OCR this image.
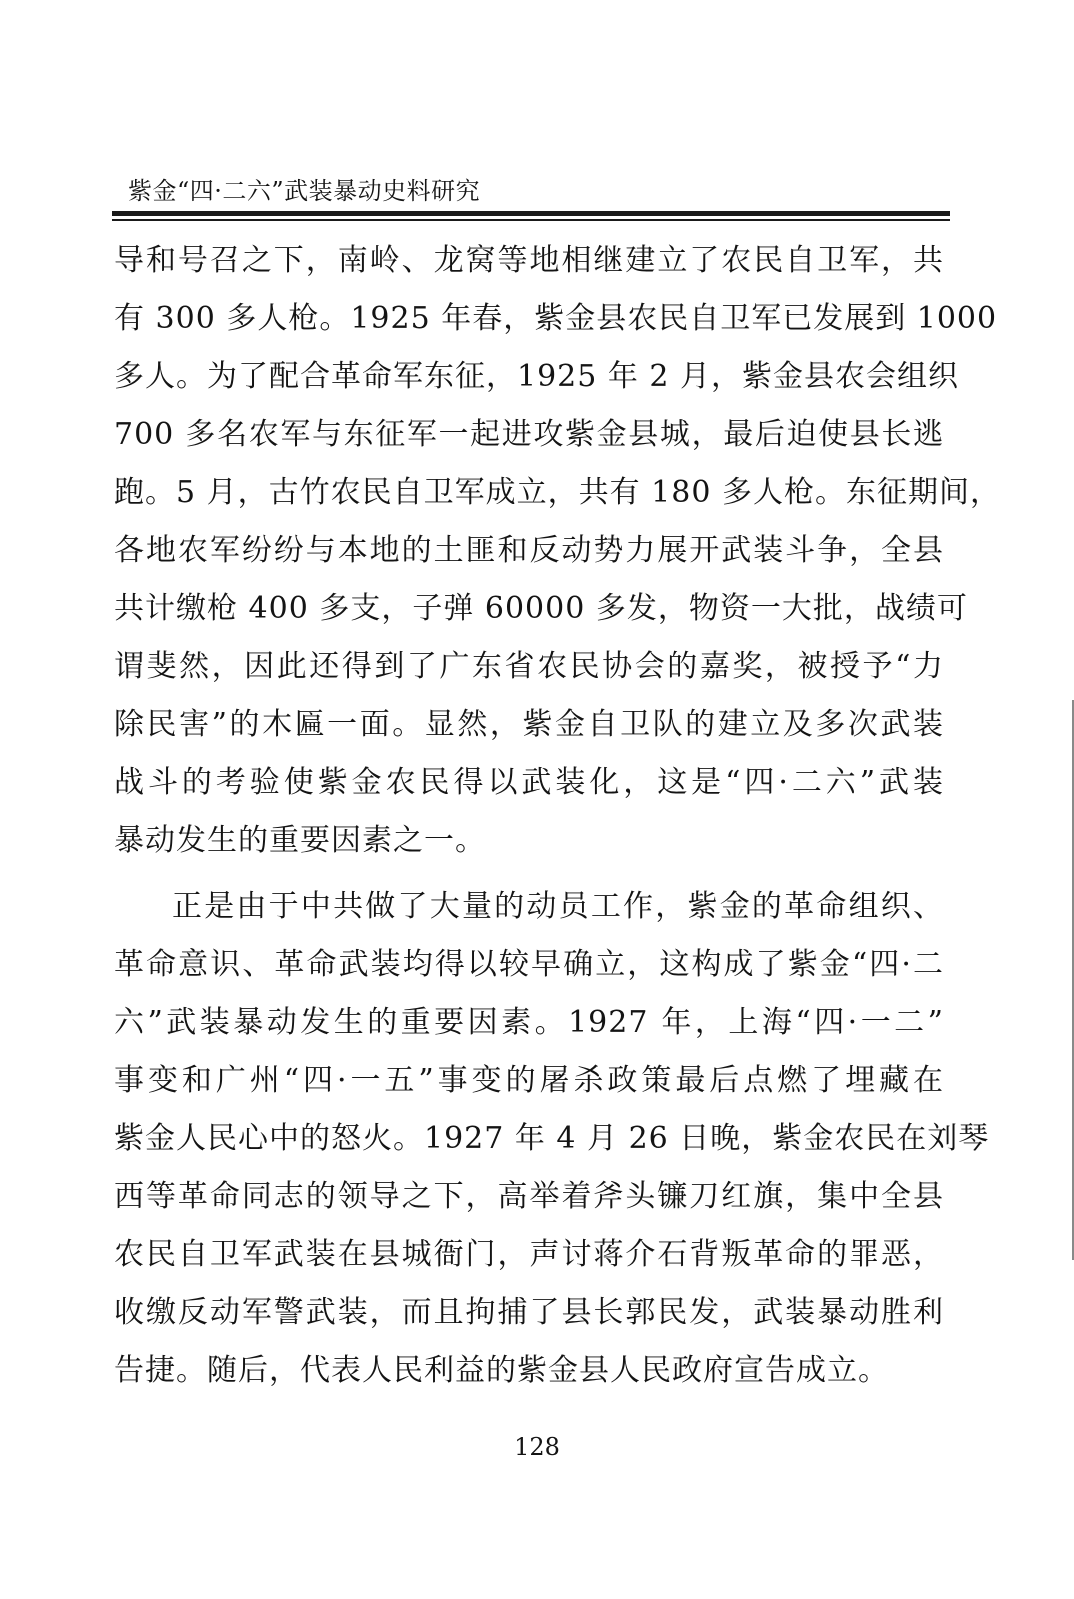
紫金“四·二六”武装暴动史料研究
导和号召之下，南岭、龙窝等地相继建立了农民自卫军，共
有 300 多人枪。1925 年春，紫金县农民自卫军已发展到 1000
多人。为了配合革命军东征，1925 年 2 月，紫金县农会组织
700 多名农军与东征军一起进攻紫金县城，最后迫使县长逃
跑。5 月，古竹农民自卫军成立，共有 180 多人枪。东征期间，
各地农军纷纷与本地的土匪和反动势力展开武装斗争，全县
共计缴枪 400 多支，子弹 60000 多发，物资一大批，战绩可
谓斐然，因此还得到了广东省农民协会的嘉奖，被授予“力
除民害”的木匾一面。显然，紫金自卫队的建立及多次武装
战斗的考验使紫金农民得以武装化，这是“四·二六”武装
暴动发生的重要因素之一。
正是由于中共做了大量的动员工作，紫金的革命组织、
革命意识、革命武装均得以较早确立，这构成了紫金“四·二
六”武装暴动发生的重要因素。1927 年，上海“四·一二”
事变和广州“四·一五”事变的屠杀政策最后点燃了埋藏在
紫金人民心中的怒火。1927 年 4 月 26 日晚，紫金农民在刘琴
西等革命同志的领导之下，高举着斧头镰刀红旗，集中全县
农民自卫军武装在县城衙门，声讨蒋介石背叛革命的罪恶，
收缴反动军警武装，而且拘捕了县长郭民发，武装暴动胜利
告捷。随后，代表人民利益的紫金县人民政府宣告成立。
128
